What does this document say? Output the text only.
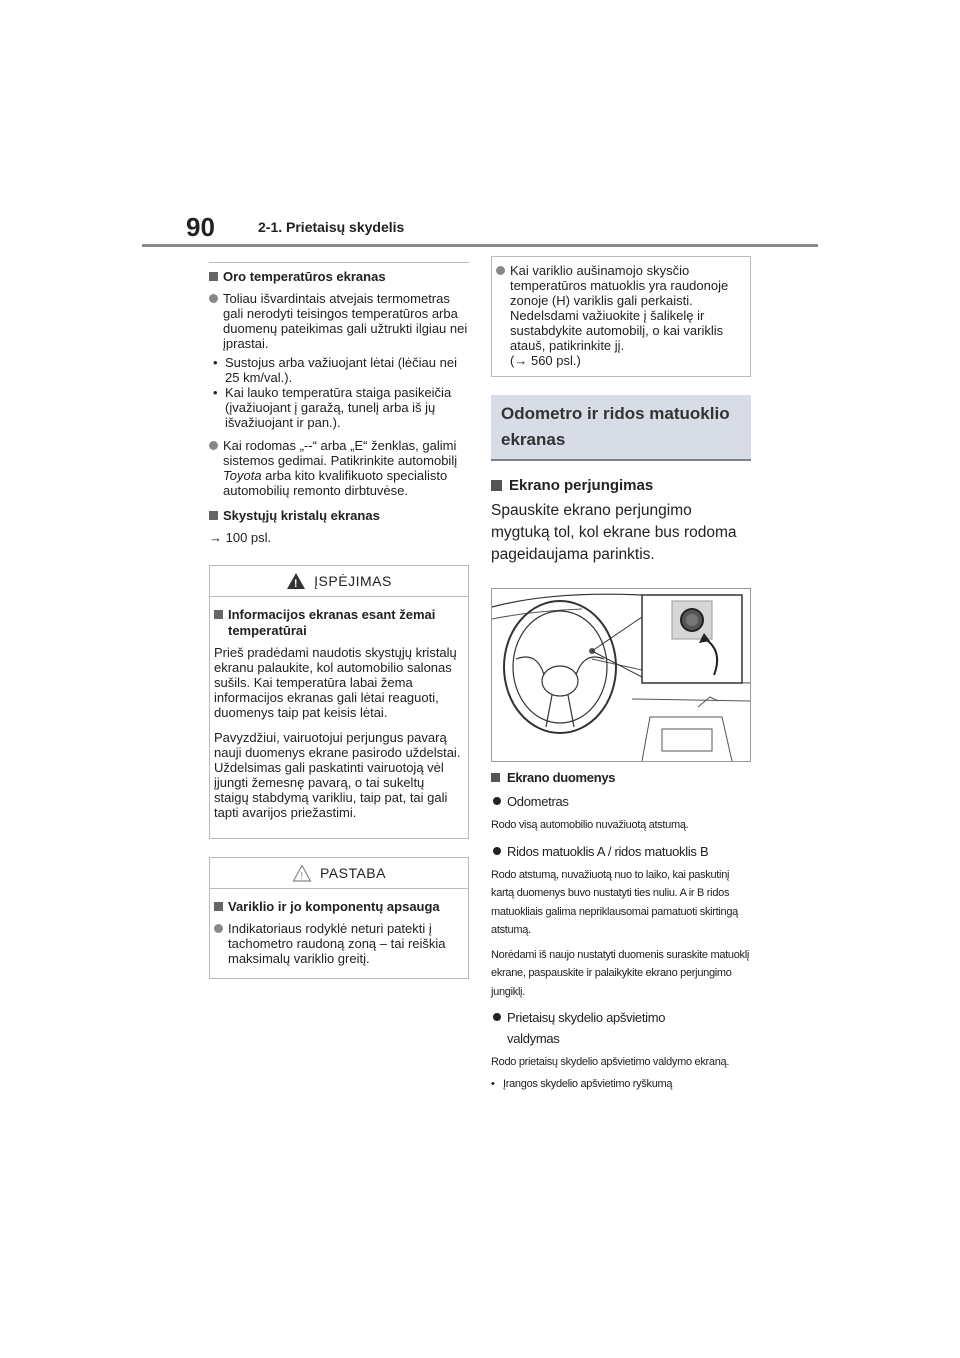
90	2-1. Prietaisų skydelis
Oro temperatūros ekranas
Toliau išvardintais atvejais termometras gali nerodyti teisingos temperatūros arba duomenų pateikimas gali užtrukti ilgiau nei įprastai.
• Sustojus arba važiuojant lėtai (lėčiau nei 25 km/val.).
• Kai lauko temperatūra staiga pasikeičia (įvažiuojant į garažą, tunelį arba iš jų išvažiuojant ir pan.).
Kai rodomas „--“ arba „E“ ženklas, galimi sistemos gedimai. Patikrinkite automobilį Toyota arba kito kvalifikuoto specialisto automobilių remonto dirbtuvėse.
Skystųjų kristalų ekranas
→ 100 psl.
! ĮSPĖJIMAS
Informacijos ekranas esant žemai temperatūrai
Prieš pradėdami naudotis skystųjų kristalų ekranu palaukite, kol automobilio salonas sušils. Kai temperatūra labai žema informacijos ekranas gali lėtai reaguoti, duomenys taip pat keisis lėtai.
Pavyzdžiui, vairuotojui perjungus pavarą nauji duomenys ekrane pasirodo uždelstai. Uždelsimas gali paskatinti vairuotoją vėl įjungti žemesnę pavarą, o tai sukeltų staigų stabdymą varikliu, taip pat, tai gali tapti avarijos priežastimi.
! PASTABA
Variklio ir jo komponentų apsauga
Indikatoriaus rodyklė neturi patekti į tachometro raudoną zoną – tai reiškia maksimalų variklio greitį.
Kai variklio aušinamojo skysčio temperatūros matuoklis yra raudonoje zonoje (H) variklis gali perkaisti. Nedelsdami važiuokite į šalikelę ir sustabdykite automobilį, o kai variklis atauš, patikrinkite jį.
(→ 560 psl.)
Odometro ir ridos matuoklio
ekranas
Ekrano perjungimas
Spauskite ekrano perjungimo
mygtuką tol, kol ekrane bus rodoma
pageidaujama parinktis.
Ekrano duomenys
Odometras
Rodo visą automobilio nuvažiuotą atstumą.
Ridos matuoklis A / ridos matuoklis B
Rodo atstumą, nuvažiuotą nuo to laiko, kai paskutinį kartą duomenys buvo nustatyti ties nuliu. A ir B ridos matuokliais galima nepriklausomai pamatuoti skirtingą atstumą.
Norėdami iš naujo nustatyti duomenis suraskite matuoklį ekrane, paspauskite ir palaikykite ekrano perjungimo jungiklį.
Prietaisų skydelio apšvietimo
valdymas
Rodo prietaisų skydelio apšvietimo valdymo ekraną.
• Įrangos skydelio apšvietimo ryškumą
